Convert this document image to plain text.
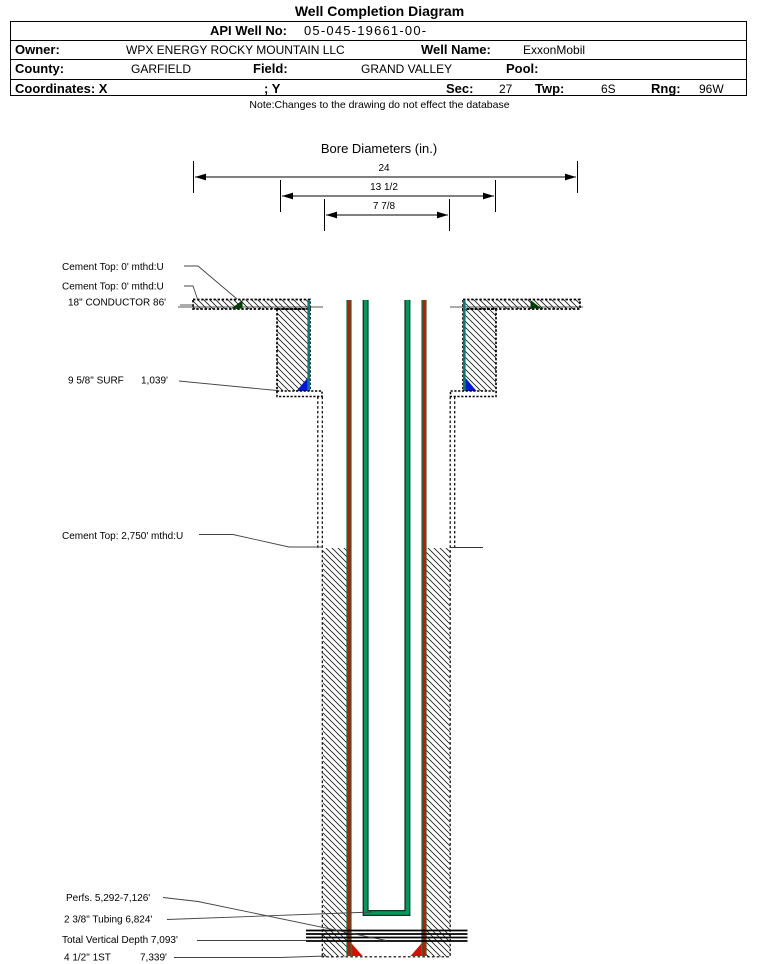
Well Completion Diagram
API Well No: 05-045-19661-00-
Owner:	WPX ENERGY ROCKY MOUNTAIN LLC	Well Name:	ExxonMobil
County:	GARFIELD	Field:	GRAND VALLEY	Pool:
Coordinates: X	; Y	Sec: 27 Twp:	6S	Rng: 96W
Note:Changes to the drawing do not effect the database
Bore Diameters (in.)
24
13 1/2
7 7/8
Cement Top: 0' mthd:U
Cement Top: 0' mthd:U
18" CONDUCTOR 86'
9 5/8" SURF 1,039'
Cement Top: 2,750' mthd:U
Perfs. 5,292-7,126'
2 3/8" Tubing 6,824'
Total Vertical Depth 7,093'
4 1/2" 1ST	7,339'
